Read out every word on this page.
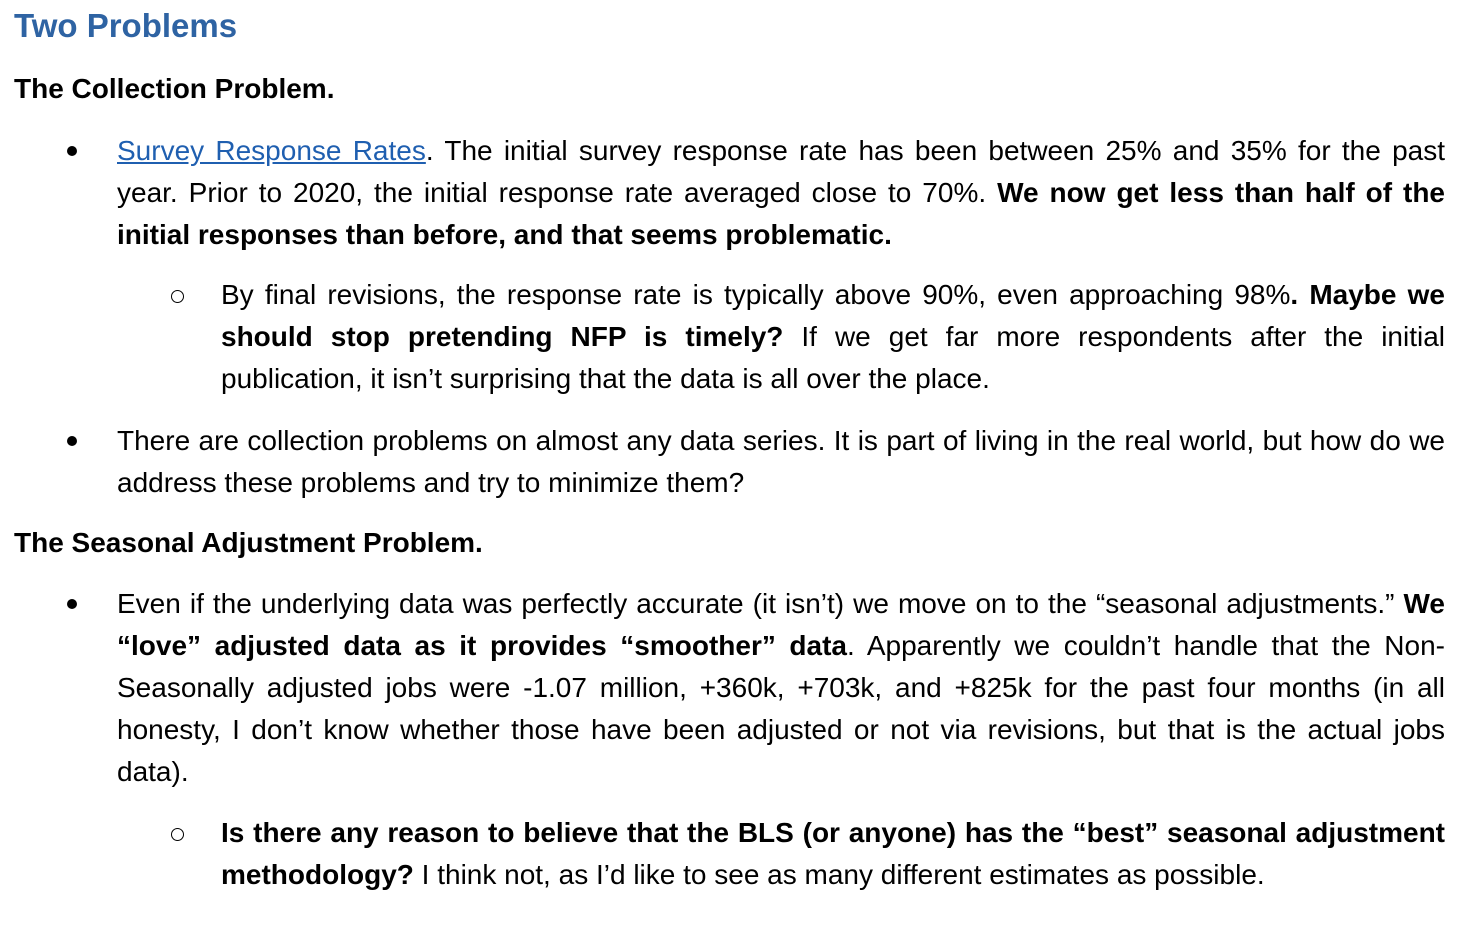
Two Problems
The Collection Problem.
Survey Response Rates. The initial survey response rate has been between 25% and 35% for the past year. Prior to 2020, the initial response rate averaged close to 70%. We now get less than half of the initial responses than before, and that seems problematic.
By final revisions, the response rate is typically above 90%, even approaching 98%. Maybe we should stop pretending NFP is timely? If we get far more respondents after the initial publication, it isn’t surprising that the data is all over the place.
There are collection problems on almost any data series. It is part of living in the real world, but how do we address these problems and try to minimize them?
The Seasonal Adjustment Problem.
Even if the underlying data was perfectly accurate (it isn’t) we move on to the “seasonal adjustments.” We “love” adjusted data as it provides “smoother” data. Apparently we couldn’t handle that the Non-Seasonally adjusted jobs were -1.07 million, +360k, +703k, and +825k for the past four months (in all honesty, I don’t know whether those have been adjusted or not via revisions, but that is the actual jobs data).
Is there any reason to believe that the BLS (or anyone) has the “best” seasonal adjustment methodology? I think not, as I’d like to see as many different estimates as possible.
